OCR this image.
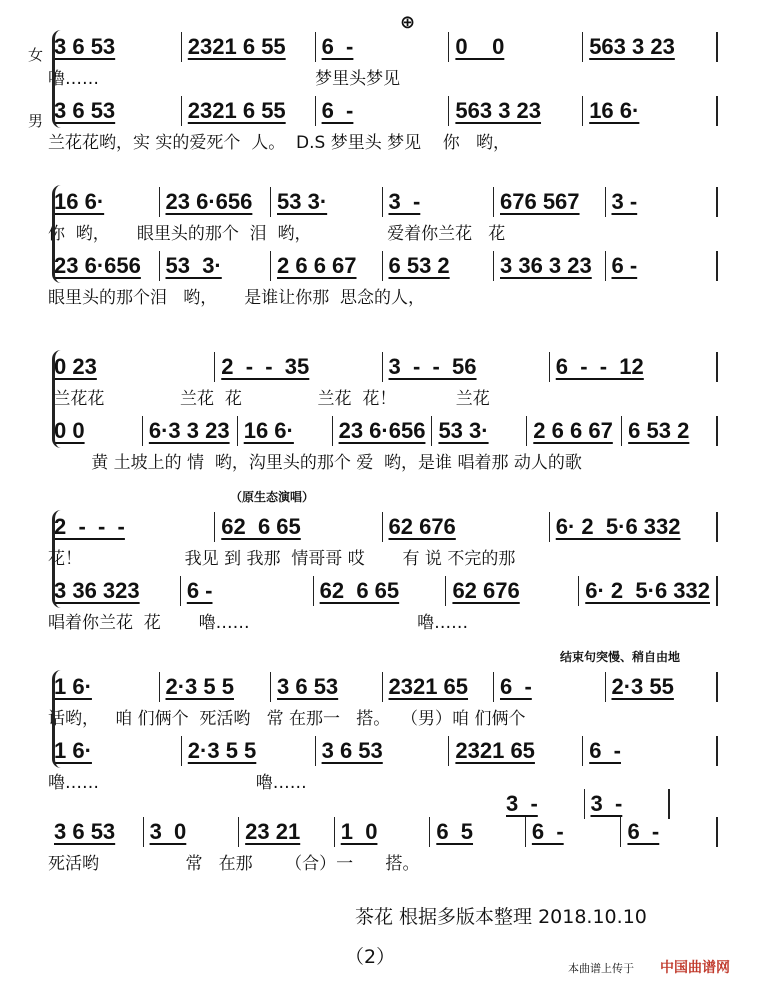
女
男
⊕
3 6 53	2321 6 55	6  -	0    0	563 3 23
嚕……                                        梦里头梦见
3 6 53	2321 6 55	6  -	563 3 23	16 6·
兰花花哟，实 实的爱死个  人。  D.S 梦里头 梦见    你   哟，
16 6·	23 6·656	53 3·	3  -	676 567	3 -
你  哟，     眼里头的那个  泪  哟，              爱着你兰花   花
23 6·656	53  3·	2 6 6 67	6 53 2	3 36 3 23 6 -
眼里头的那个泪   哟，     是谁让你那  思念的人，
0 23	2  -  -  35	3  -  -  56	6  -  -  12
兰花花              兰花  花              兰花  花！           兰花
0 0	6·3 3 23 16 6·	23 6·656 53 3·	2 6 6 67 6 53 2
黄 土坡上的 情  哟，沟里头的那个 爱  哟，是谁 唱着那 动人的歌
（原生态演唱）
2  -  -  -	62  6 65	62 676	6· 2  5·6 332
花！                   我见 到 我那  情哥哥 哎       有 说 不完的那
3 36 323	6 -	62  6 65	62 676	6· 2  5·6 332
唱着你兰花  花       嚕……                               嚕……
结束句突慢、稍自由地
1 6·	2·3 5 5	3 6 53	2321 65	6  -	2·3 55
话哟，   咱 们俩个  死活哟   常 在那一   搭。  （男）咱 们俩个
1 6·	2·3 5 5	3 6 53	2321 65	6  -
嚕……                             嚕……
3  -	3  -
3 6 53	3  0	23 21	1  0	6  5	6  -	6  -
死活哟                常   在那      （合）一      搭。
茶花 根据多版本整理 2018.10.10
（2）
本曲谱上传于 中国曲谱网
